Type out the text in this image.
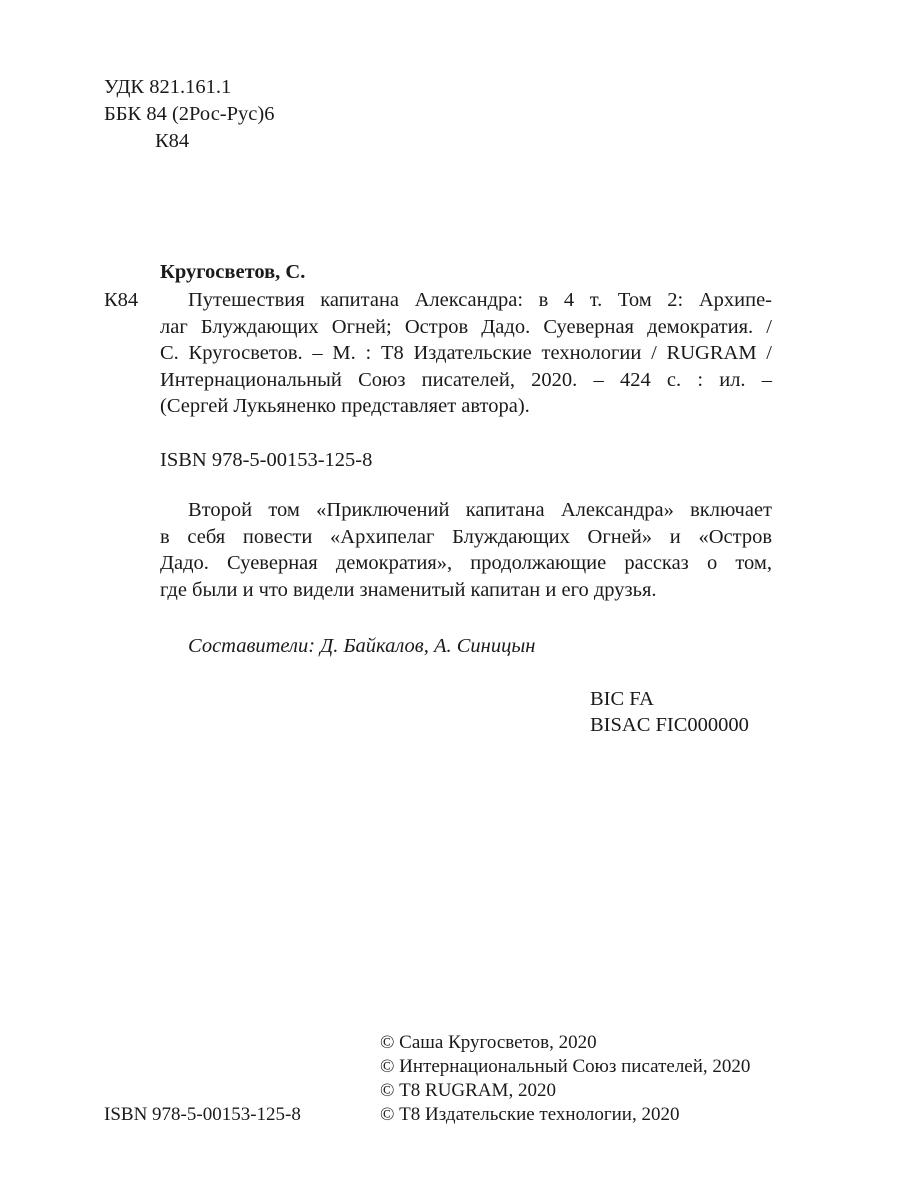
УДК 821.161.1
ББК 84 (2Рос-Рус)6
К84
Кругосветов, С.
К84	Путешествия капитана Александра: в 4 т. Том 2: Архипе-
лаг Блуждающих Огней; Остров Дадо. Суеверная демократия. /
С. Кругосветов. – М. : Т8 Издательские технологии / RUGRAM /
Интернациональный Союз писателей, 2020. – 424 с. : ил. –
(Сергей Лукьяненко представляет автора).
ISBN 978-5-00153-125-8
Второй том «Приключений капитана Александра» включает
в себя повести «Архипелаг Блуждающих Огней» и «Остров
Дадо. Суеверная демократия», продолжающие рассказ о том,
где были и что видели знаменитый капитан и его друзья.
Составители: Д. Байкалов, А. Синицын
BIC FA
BISAC FIC000000
ISBN 978-5-00153-125-8
© Саша Кругосветов, 2020
© Интернациональный Союз писателей, 2020
© Т8 RUGRAM, 2020
© Т8 Издательские технологии, 2020
